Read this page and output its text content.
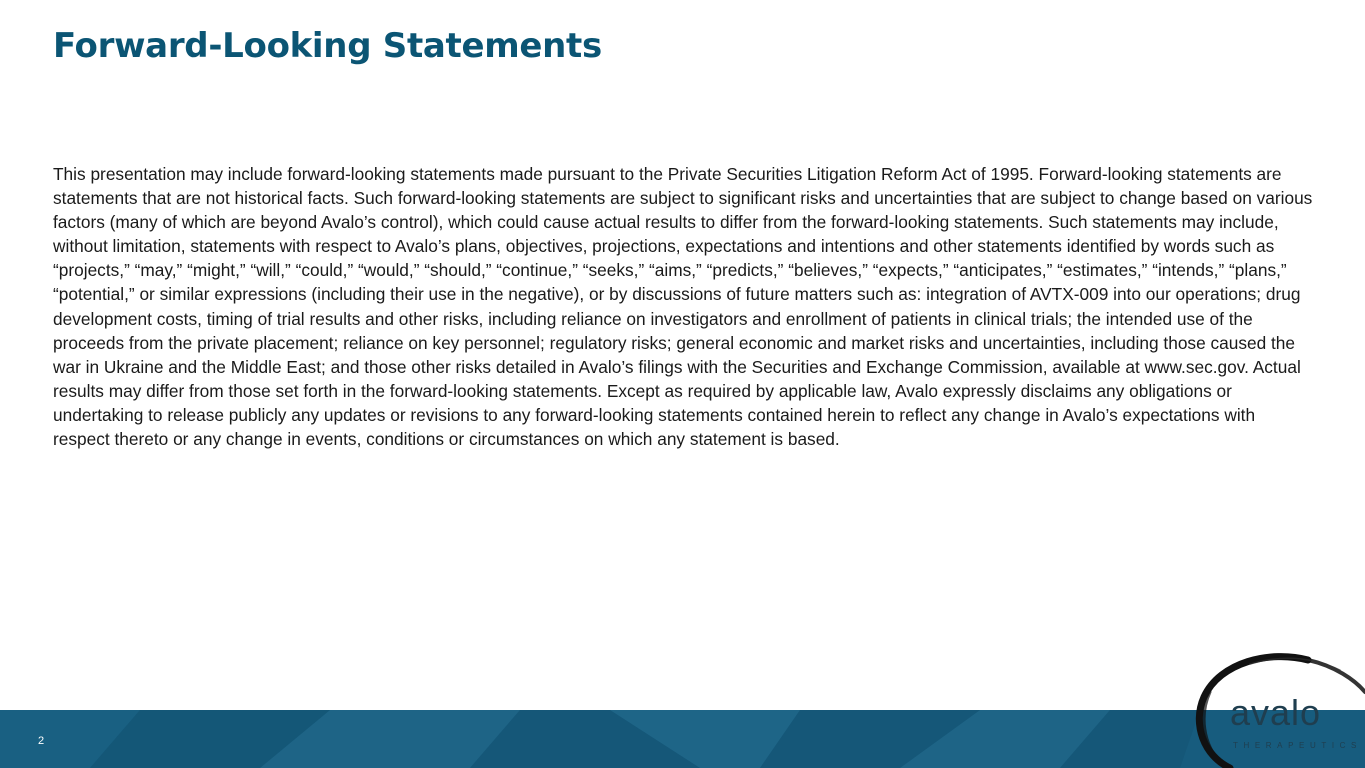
Forward-Looking Statements

This presentation may include forward-looking statements made pursuant to the Private Securities Litigation Reform Act of 1995. Forward-looking statements are statements that are not historical facts. Such forward-looking statements are subject to significant risks and uncertainties that are subject to change based on various factors (many of which are beyond Avalo’s control), which could cause actual results to differ from the forward-looking statements. Such statements may include, without limitation, statements with respect to Avalo’s plans, objectives, projections, expectations and intentions and other statements identified by words such as “projects,” “may,” “might,” “will,” “could,” “would,” “should,” “continue,” “seeks,” “aims,” “predicts,” “believes,” “expects,” “anticipates,” “estimates,” “intends,” “plans,” “potential,” or similar expressions (including their use in the negative), or by discussions of future matters such as: integration of AVTX-009 into our operations; drug development costs, timing of trial results and other risks, including reliance on investigators and enrollment of patients in clinical trials; the intended use of the proceeds from the private placement; reliance on key personnel; regulatory risks; general economic and market risks and uncertainties, including those caused the war in Ukraine and the Middle East; and those other risks detailed in Avalo’s filings with the Securities and Exchange Commission, available at www.sec.gov. Actual results may differ from those set forth in the forward-looking statements. Except as required by applicable law, Avalo expressly disclaims any obligations or undertaking to release publicly any updates or revisions to any forward-looking statements contained herein to reflect any change in Avalo’s expectations with respect thereto or any change in events, conditions or circumstances on which any statement is based.

2
avalo
THERAPEUTICS
